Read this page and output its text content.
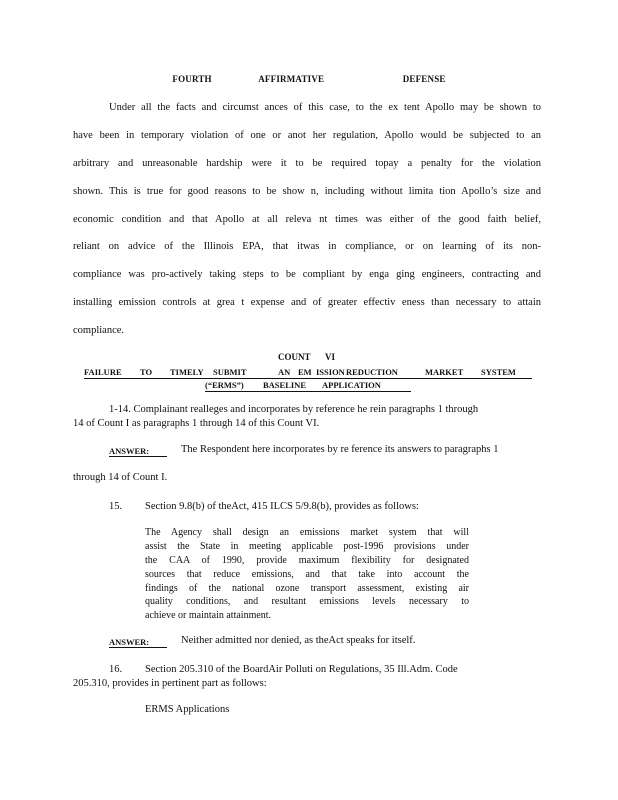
FOURTH	AFFIRMATIVE	DEFENSE
Under all the facts and circumst ances of this case, to the ex tent Apollo may be shown to
have been in temporary violation of one or anot her regulation, Apollo would be subjected to an
arbitrary and unreasonable hardship were it to be required topay a penalty for the violation
shown. This is true for good reasons to be show n, including without limita tion Apollo’s size and
economic condition and that Apollo at all releva nt times was either of the good faith belief,
reliant on advice of the Illinois EPA, that itwas in compliance, or on learning of its non-
compliance was pro-actively taking steps to be compliant by enga ging engineers, contracting and
installing emission controls at grea t expense and of greater effectiv eness than necessary to attain
compliance.
COUNT VI
FAILURE TO TIMELY SUBMIT	AN EM ISSION REDUCTION	MARKET SYSTEM
(“ERMS”) BASELINE APPLICATION
1-14. Complainant realleges and incorporates by reference he rein paragraphs 1 through
14 of Count I as paragraphs 1 through 14 of this Count VI.
ANSWER:	The Respondent here incorporates by re ference its answers to paragraphs 1
through 14 of Count I.
15. Section 9.8(b) of theAct, 415 ILCS 5/9.8(b), provides as follows:
The Agency shall design an emissions market system that will
assist the State in meeting applicable post-1996 provisions under
the CAA of 1990, provide maximum flexibility for designated
sources that reduce emissions, and that take into account the
findings of the national ozone transport assessment, existing air
quality conditions, and resultant emissions levels necessary to
achieve or maintain attainment.
ANSWER:	Neither admitted nor denied, as theAct speaks for itself.
16. Section 205.310 of the BoardAir Polluti on Regulations, 35 Ill.Adm. Code
205.310, provides in pertinent part as follows:
ERMS Applications
